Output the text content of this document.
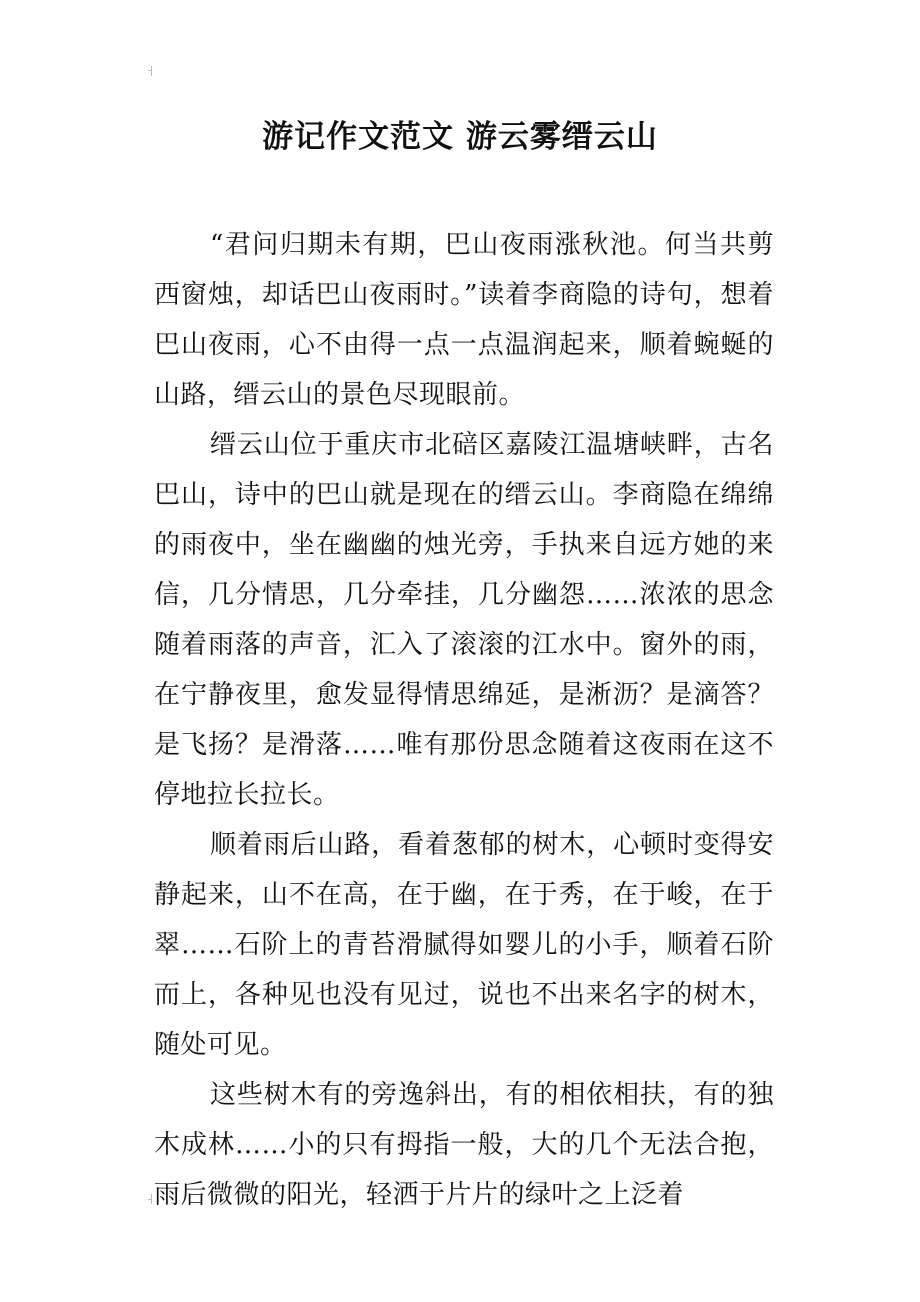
游记作文范文 游云雾缙云山

“君问归期未有期，巴山夜雨涨秋池。何当共剪西窗烛，却话巴山夜雨时。”读着李商隐的诗句，想着巴山夜雨，心不由得一点一点温润起来，顺着蜿蜒的山路，缙云山的景色尽现眼前。

缙云山位于重庆市北碚区嘉陵江温塘峡畔，古名巴山，诗中的巴山就是现在的缙云山。李商隐在绵绵的雨夜中，坐在幽幽的烛光旁，手执来自远方她的来信，几分情思，几分牵挂，几分幽怨……浓浓的思念随着雨落的声音，汇入了滚滚的江水中。窗外的雨，在宁静夜里，愈发显得情思绵延，是淅沥？是滴答？是飞扬？是滑落……唯有那份思念随着这夜雨在这不停地拉长拉长。

顺着雨后山路，看着葱郁的树木，心顿时变得安静起来，山不在高，在于幽，在于秀，在于峻，在于翠……石阶上的青苔滑腻得如婴儿的小手，顺着石阶而上，各种见也没有见过，说也不出来名字的树木，随处可见。

这些树木有的旁逸斜出，有的相依相扶，有的独木成林……小的只有拇指一般，大的几个无法合抱，雨后微微的阳光，轻洒于片片的绿叶之上泛着
